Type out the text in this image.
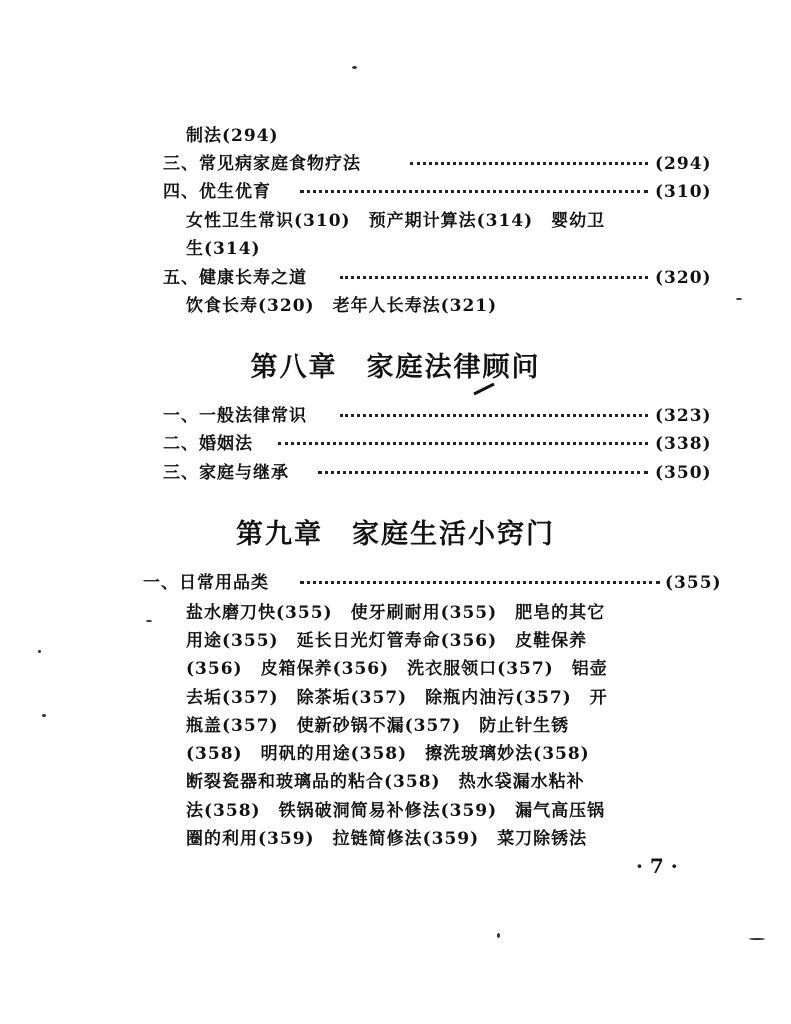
制法(294)
三、常见病家庭食物疗法	(294)
四、优生优育	(310)
女性卫生常识(310)　预产期计算法(314)　婴幼卫
生(314)
五、健康长寿之道	(320)
饮食长寿(320)　老年人长寿法(321)
第八章　家庭法律顾问
一、一般法律常识	(323)
二、婚姻法	(338)
三、家庭与继承	(350)
第九章　家庭生活小窍门
一、日常用品类	(355)
盐水磨刀快(355)　使牙刷耐用(355)　肥皂的其它
用途(355)　延长日光灯管寿命(356)　皮鞋保养
(356)　皮箱保养(356)　洗衣服领口(357)　铝壶
去垢(357)　除茶垢(357)　除瓶内油污(357)　开
瓶盖(357)　使新砂锅不漏(357)　防止针生锈
(358)　明矾的用途(358)　擦洗玻璃妙法(358)
断裂瓷器和玻璃品的粘合(358)　热水袋漏水粘补
法(358)　铁锅破洞简易补修法(359)　漏气高压锅
圈的利用(359)　拉链简修法(359)　菜刀除锈法
· 7 ·
